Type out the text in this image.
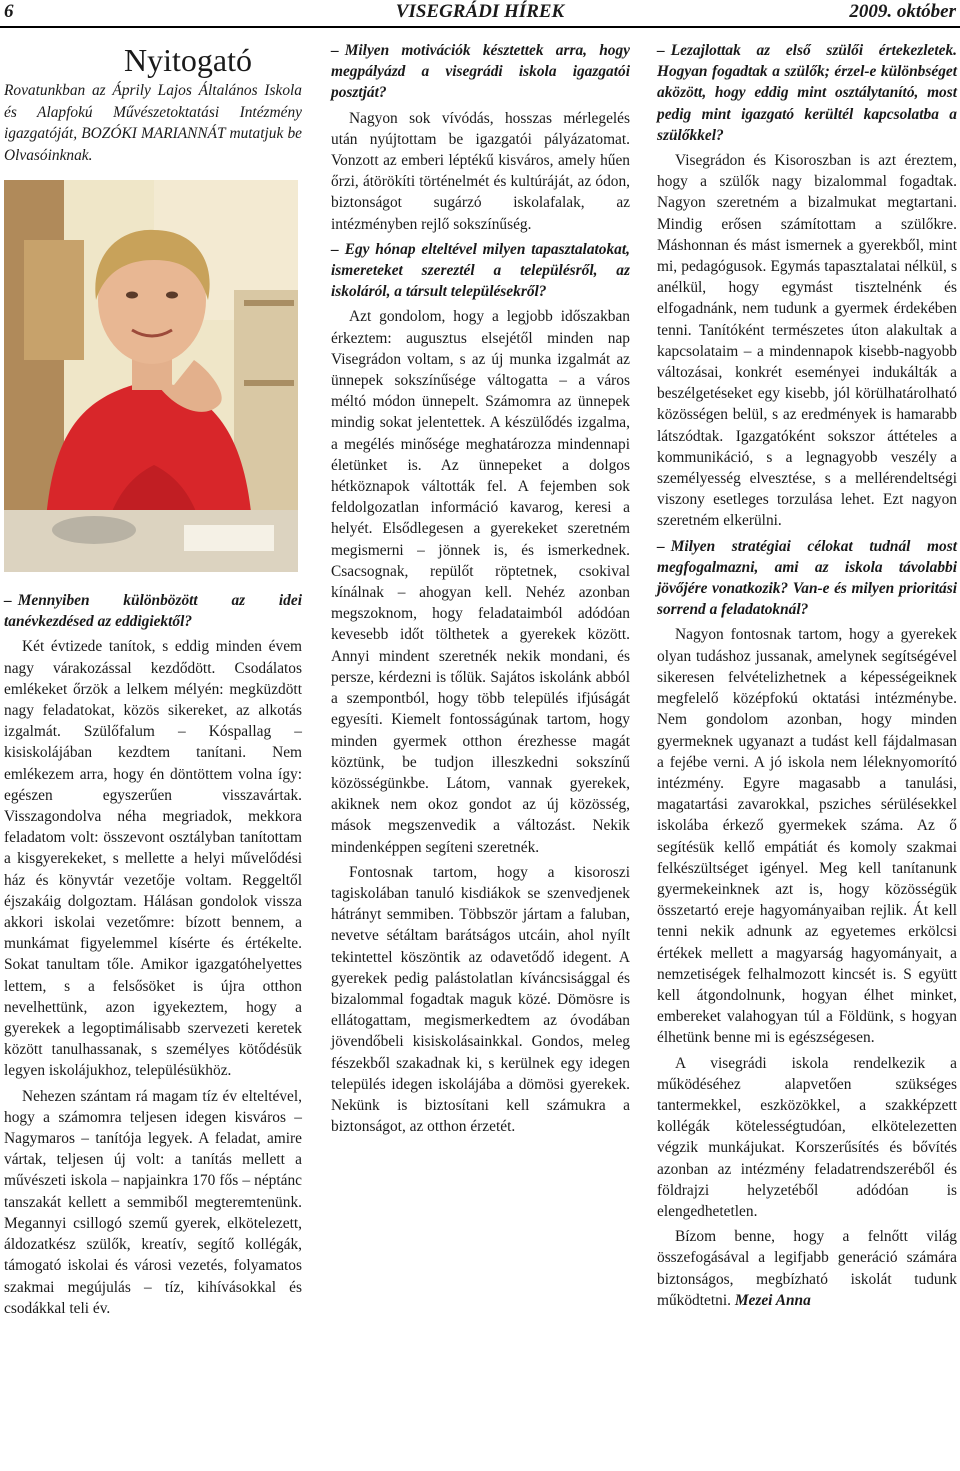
6	VISEGRÁDI HÍREK	2009. október
Nyitogató

Rovatunkban az Áprily Lajos Általános Iskola és Alapfokú Művészetoktatási Intézmény igazgatóját, BOZÓKI MARIANNÁT mutatjuk be Olvasóinknak.

– Mennyiben különbözött az idei tanévkezdésed az eddigiektől?

Két évtizede tanítok, s eddig minden évem nagy várakozással kezdődött. Csodálatos emlékeket őrzök a lelkem mélyén: megküzdött nagy feladatokat, közös sikereket, az alkotás izgalmát. Szülőfalum – Kóspallag – kisiskolájában kezdtem tanítani. Nem emlékezem arra, hogy én döntöttem volna így: egészen egyszerűen visszavártak. Visszagondolva néha megriadok, mekkora feladatom volt: összevont osztályban tanítottam a kisgyerekeket, s mellette a helyi művelődési ház és könyvtár vezetője voltam. Reggeltől éjszakáig dolgoztam. Hálásan gondolok vissza akkori iskolai vezetőmre: bízott bennem, a munkámat figyelemmel kísérte és értékelte. Sokat tanultam tőle. Amikor igazgatóhelyettes lettem, s a felsősöket is újra otthon nevelhettünk, azon igyekeztem, hogy a gyerekek a legoptimálisabb szervezeti keretek között tanulhassanak, s személyes kötődésük legyen iskolájukhoz, településükhöz.

Nehezen szántam rá magam tíz év elteltével, hogy a számomra teljesen idegen kisváros – Nagymaros – tanítója legyek. A feladat, amire vártak, teljesen új volt: a tanítás mellett a művészeti iskola – napjainkra 170 fős – néptánc tanszakát kellett a semmiből megteremtenünk. Megannyi csillogó szemű gyerek, elkötelezett, áldozatkész szülők, kreatív, segítő kollégák, támogató iskolai és városi vezetés, folyamatos szakmai megújulás – tíz, kihívásokkal és csodákkal teli év.

– Milyen motivációk késztettek arra, hogy megpályázd a visegrádi iskola igazgatói posztját?

Nagyon sok vívódás, hosszas mérlegelés után nyújtottam be igazgatói pályázatomat. Vonzott az emberi léptékű kisváros, amely hűen őrzi, átörökíti történelmét és kultúráját, az ódon, biztonságot sugárzó iskolafalak, az intézményben rejlő sokszínűség.

– Egy hónap elteltével milyen tapasztalatokat, ismereteket szereztél a településről, az iskoláról, a társult településekről?

Azt gondolom, hogy a legjobb időszakban érkeztem: augusztus elsejétől minden nap Visegrádon voltam, s az új munka izgalmát az ünnepek sokszínűsége váltogatta – a város méltó módon ünnepelt. Számomra az ünnepek mindig sokat jelentettek. A készülődés izgalma, a megélés minősége meghatározza mindennapi életünket is. Az ünnepeket a dolgos hétköznapok váltották fel. A fejemben sok feldolgozatlan információ kavarog, keresi a helyét. Elsődlegesen a gyerekeket szeretném megismerni – jönnek is, és ismerkednek. Csacsognak, repülőt röptetnek, csokival kínálnak – ahogyan kell. Nehéz azonban megszoknom, hogy feladataimból adódóan kevesebb időt tölthetek a gyerekek között. Annyi mindent szeretnék nekik mondani, és persze, kérdezni is tőlük. Sajátos iskolánk abból a szempontból, hogy több település ifjúságát egyesíti. Kiemelt fontosságúnak tartom, hogy minden gyermek otthon érezhesse magát köztünk, be tudjon illeszkedni sokszínű közösségünkbe. Látom, vannak gyerekek, akiknek nem okoz gondot az új közösség, mások megszenvedik a változást. Nekik mindenképpen segíteni szeretnék.

Fontosnak tartom, hogy a kisoroszi tagiskolában tanuló kisdiákok se szenvedjenek hátrányt semmiben. Többször jártam a faluban, nevetve sétáltam barátságos utcáin, ahol nyílt tekintettel köszöntik az odavetődő idegent. A gyerekek pedig palástolatlan kíváncsisággal és bizalommal fogadtak maguk közé. Dömösre is ellátogattam, megismerkedtem az óvodában jövendőbeli kisiskolásainkkal. Gondos, meleg fészekből szakadnak ki, s kerülnek egy idegen település idegen iskolájába a dömösi gyerekek. Nekünk is biztosítani kell számukra a biztonságot, az otthon érzetét.

– Lezajlottak az első szülői értekezletek. Hogyan fogadtak a szülők; érzel-e különbséget aközött, hogy eddig mint osztálytanító, most pedig mint igazgató kerültél kapcsolatba a szülőkkel?

Visegrádon és Kisoroszban is azt éreztem, hogy a szülők nagy bizalommal fogadtak. Nagyon szeretném a bizalmukat megtartani. Mindig erősen számítottam a szülőkre. Máshonnan és mást ismernek a gyerekből, mint mi, pedagógusok. Egymás tapasztalatai nélkül, s anélkül, hogy egymást tisztelnénk és elfogadnánk, nem tudunk a gyermek érdekében tenni. Tanítóként természetes úton alakultak a kapcsolataim – a mindennapok kisebb-nagyobb változásai, konkrét eseményei indukálták a beszélgetéseket egy kisebb, jól körülhatárolható közösségen belül, s az eredmények is hamarabb látszódtak. Igazgatóként sokszor áttételes a kommunikáció, s a legnagyobb veszély a személyesség elvesztése, s a mellérendeltségi viszony esetleges torzulása lehet. Ezt nagyon szeretném elkerülni.

– Milyen stratégiai célokat tudnál most megfogalmazni, ami az iskola távolabbi jövőjére vonatkozik? Van-e és milyen prioritási sorrend a feladatoknál?

Nagyon fontosnak tartom, hogy a gyerekek olyan tudáshoz jussanak, amelynek segítségével sikeresen felvételizhetnek a képességeiknek megfelelő középfokú oktatási intézménybe. Nem gondolom azonban, hogy minden gyermeknek ugyanazt a tudást kell fájdalmasan a fejébe verni. A jó iskola nem léleknyomorító intézmény. Egyre magasabb a tanulási, magatartási zavarokkal, psziches sérülésekkel iskolába érkező gyermekek száma. Az ő segítésük kellő empátiát és komoly szakmai felkészültséget igényel. Meg kell tanítanunk gyermekeinknek azt is, hogy közösségük összetartó ereje hagyományaiban rejlik. Át kell tenni nekik adnunk az egyetemes erkölcsi értékek mellett a magyarság hagyományait, a nemzetiségek felhalmozott kincsét is. S együtt kell átgondolnunk, hogyan élhet minket, embereket valahogyan túl a Földünk, s hogyan élhetünk benne mi is egészségesen.

A visegrádi iskola rendelkezik a működéséhez alapvetően szükséges tantermekkel, eszközökkel, a szakképzett kollégák kötelességtudóan, elkötelezetten végzik munkájukat. Korszerűsítés és bővítés azonban az intézmény feladatrendszeréből és földrajzi helyzetéből adódóan is elengedhetetlen.

Bízom benne, hogy a felnőtt világ összefogásával a legifjabb generáció számára biztonságos, megbízható iskolát tudunk működtetni. Mezei Anna
